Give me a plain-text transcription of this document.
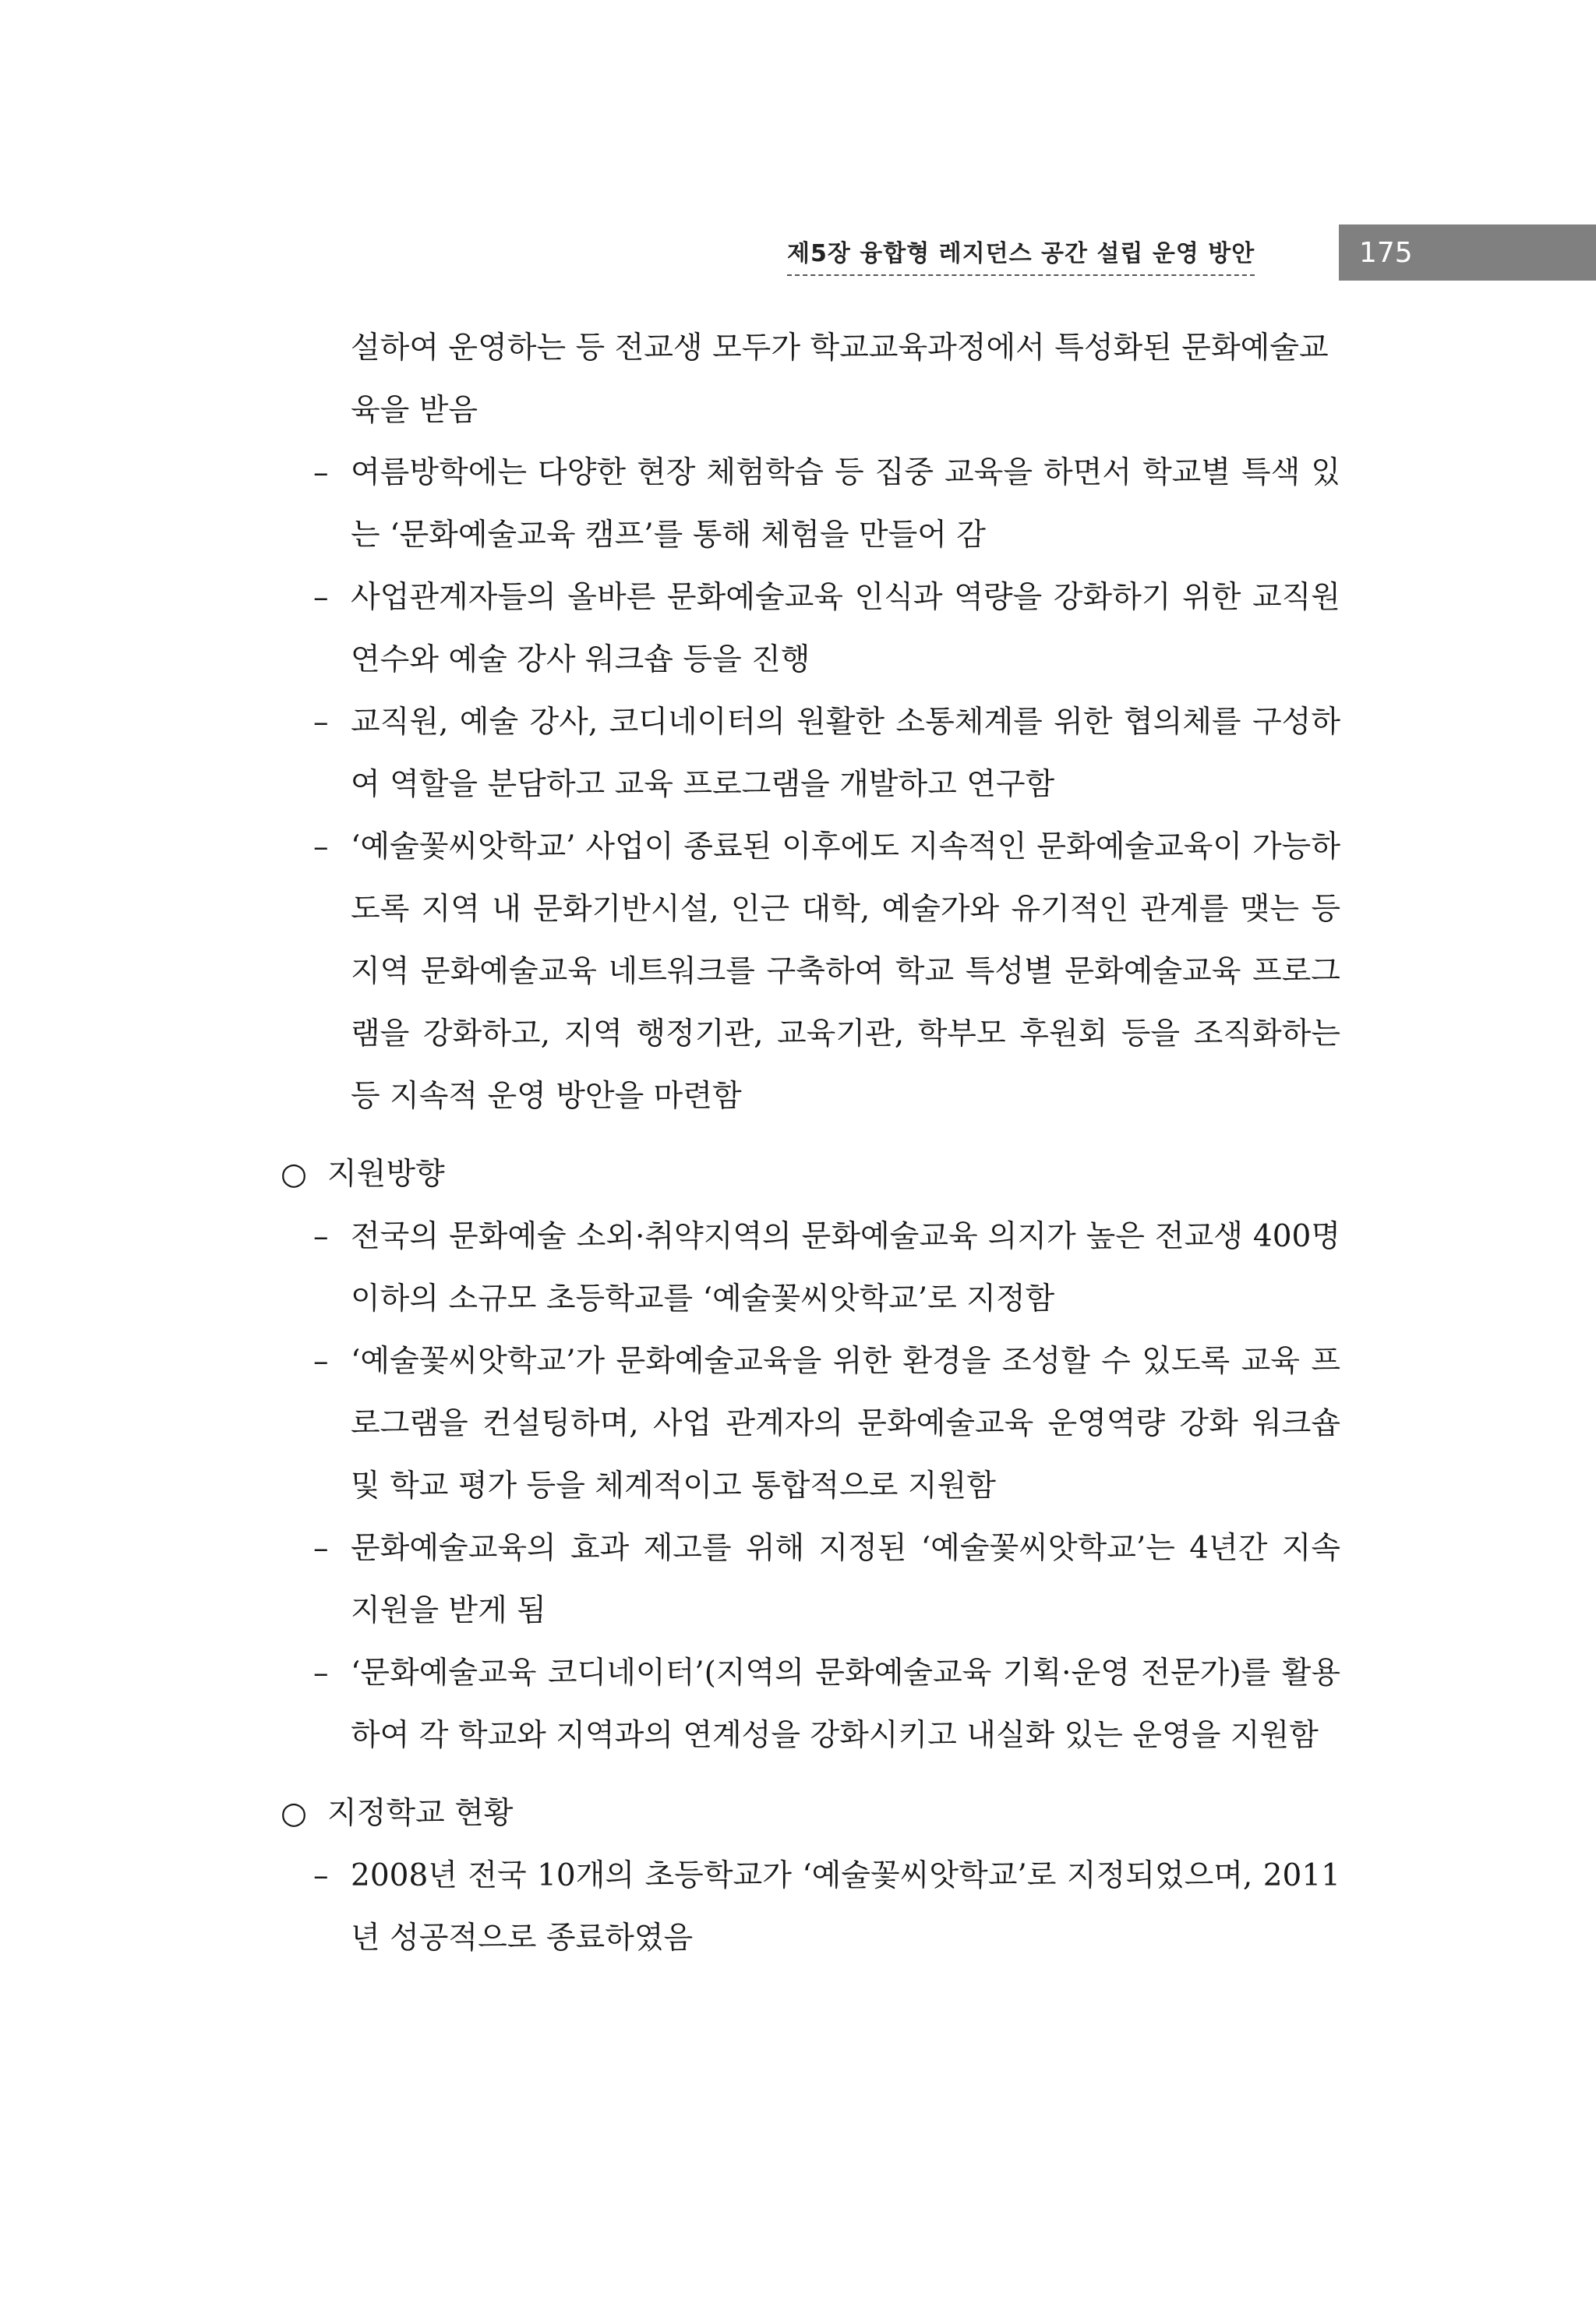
제5장 융합형 레지던스 공간 설립 운영 방안	175
설하여 운영하는 등 전교생 모두가 학교교육과정에서 특성화된 문화예술교육을 받음
– 여름방학에는 다양한 현장 체험학습 등 집중 교육을 하면서 학교별 특색 있는 ‘문화예술교육 캠프’를 통해 체험을 만들어 감
– 사업관계자들의 올바른 문화예술교육 인식과 역량을 강화하기 위한 교직원연수와 예술 강사 워크숍 등을 진행
– 교직원, 예술 강사, 코디네이터의 원활한 소통체계를 위한 협의체를 구성하여 역할을 분담하고 교육 프로그램을 개발하고 연구함
– ‘예술꽃씨앗학교’ 사업이 종료된 이후에도 지속적인 문화예술교육이 가능하도록 지역 내 문화기반시설, 인근 대학, 예술가와 유기적인 관계를 맺는 등 지역 문화예술교육 네트워크를 구축하여 학교 특성별 문화예술교육 프로그램을 강화하고, 지역 행정기관, 교육기관, 학부모 후원회 등을 조직화하는 등 지속적 운영 방안을 마련함
○ 지원방향
– 전국의 문화예술 소외·취약지역의 문화예술교육 의지가 높은 전교생 400명 이하의 소규모 초등학교를 ‘예술꽃씨앗학교’로 지정함
– ‘예술꽃씨앗학교’가 문화예술교육을 위한 환경을 조성할 수 있도록 교육 프로그램을 컨설팅하며, 사업 관계자의 문화예술교육 운영역량 강화 워크숍 및 학교 평가 등을 체계적이고 통합적으로 지원함
– 문화예술교육의 효과 제고를 위해 지정된 ‘예술꽃씨앗학교’는 4년간 지속 지원을 받게 됨
– ‘문화예술교육 코디네이터’(지역의 문화예술교육 기획·운영 전문가)를 활용하여 각 학교와 지역과의 연계성을 강화시키고 내실화 있는 운영을 지원함
○ 지정학교 현황
– 2008년 전국 10개의 초등학교가 ‘예술꽃씨앗학교’로 지정되었으며, 2011년 성공적으로 종료하였음
